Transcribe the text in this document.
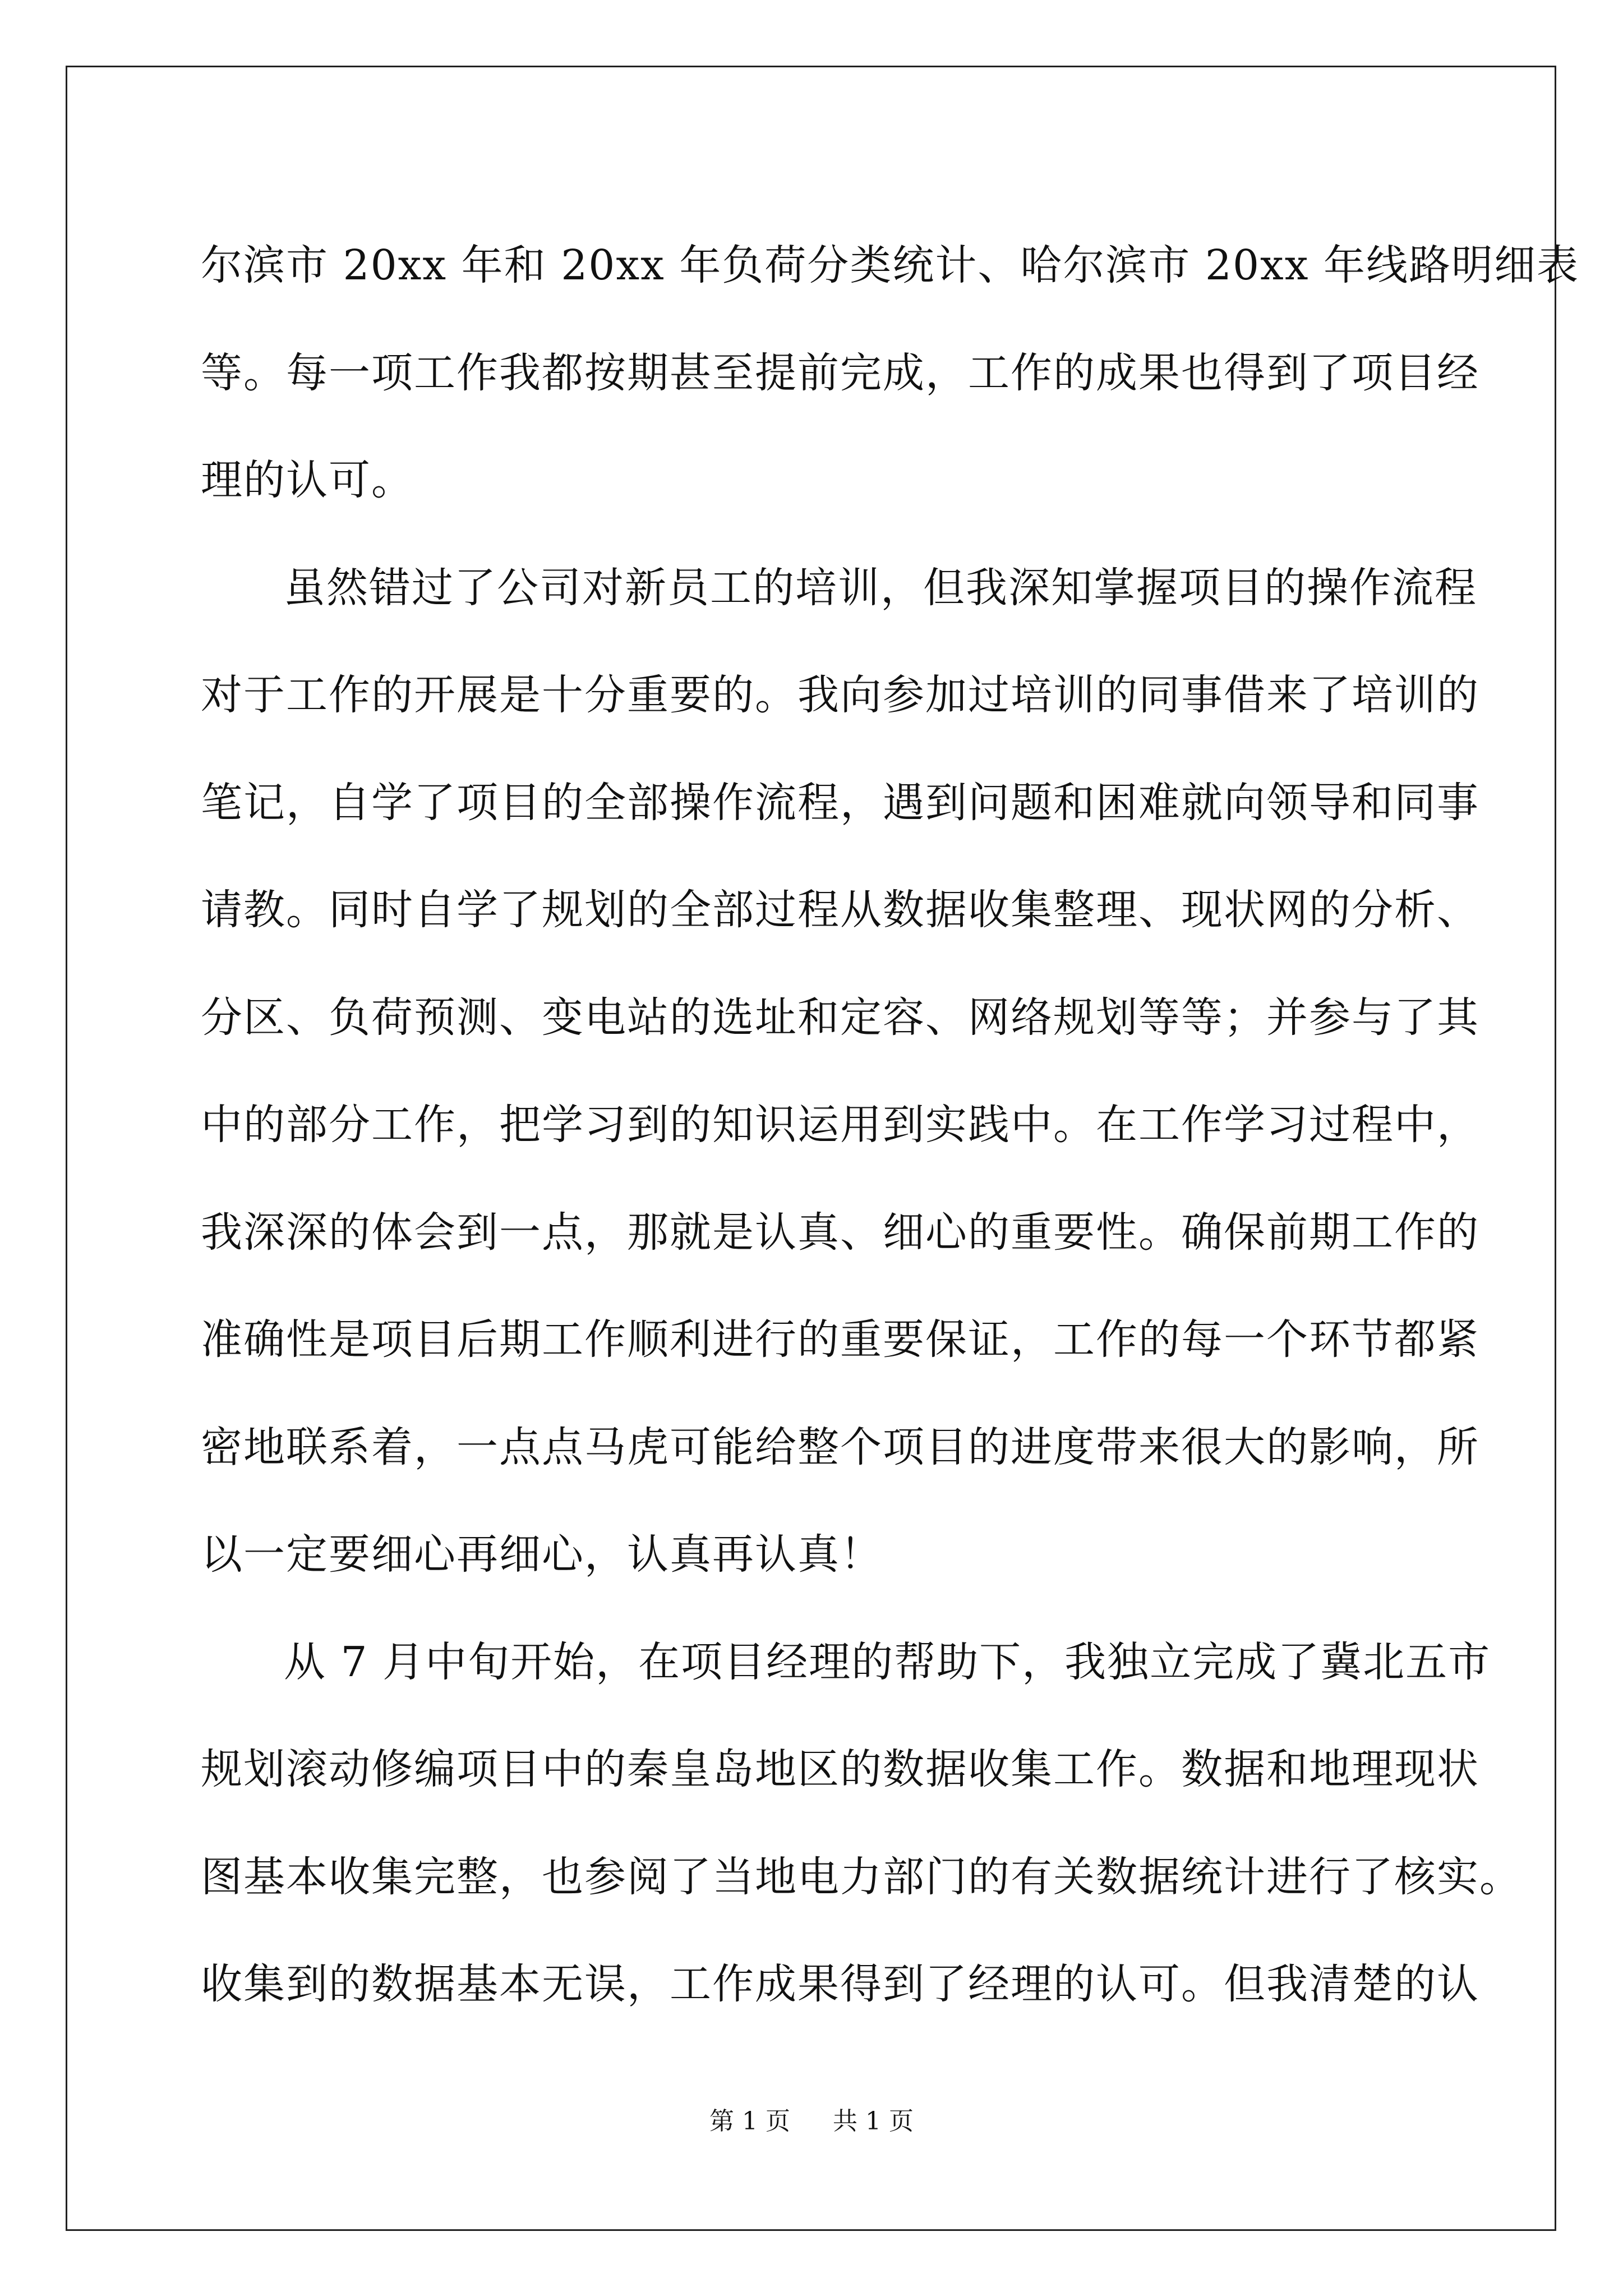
尔滨市 20xx 年和 20xx 年负荷分类统计、哈尔滨市 20xx 年线路明细表
等。每一项工作我都按期甚至提前完成，工作的成果也得到了项目经
理的认可。
虽然错过了公司对新员工的培训，但我深知掌握项目的操作流程
对于工作的开展是十分重要的。我向参加过培训的同事借来了培训的
笔记，自学了项目的全部操作流程，遇到问题和困难就向领导和同事
请教。同时自学了规划的全部过程从数据收集整理、现状网的分析、
分区、负荷预测、变电站的选址和定容、网络规划等等；并参与了其
中的部分工作，把学习到的知识运用到实践中。在工作学习过程中，
我深深的体会到一点，那就是认真、细心的重要性。确保前期工作的
准确性是项目后期工作顺利进行的重要保证，工作的每一个环节都紧
密地联系着，一点点马虎可能给整个项目的进度带来很大的影响，所
以一定要细心再细心，认真再认真！
从 7 月中旬开始，在项目经理的帮助下，我独立完成了冀北五市
规划滚动修编项目中的秦皇岛地区的数据收集工作。数据和地理现状
图基本收集完整，也参阅了当地电力部门的有关数据统计进行了核实。
收集到的数据基本无误，工作成果得到了经理的认可。但我清楚的认
第 1 页 共 1 页
